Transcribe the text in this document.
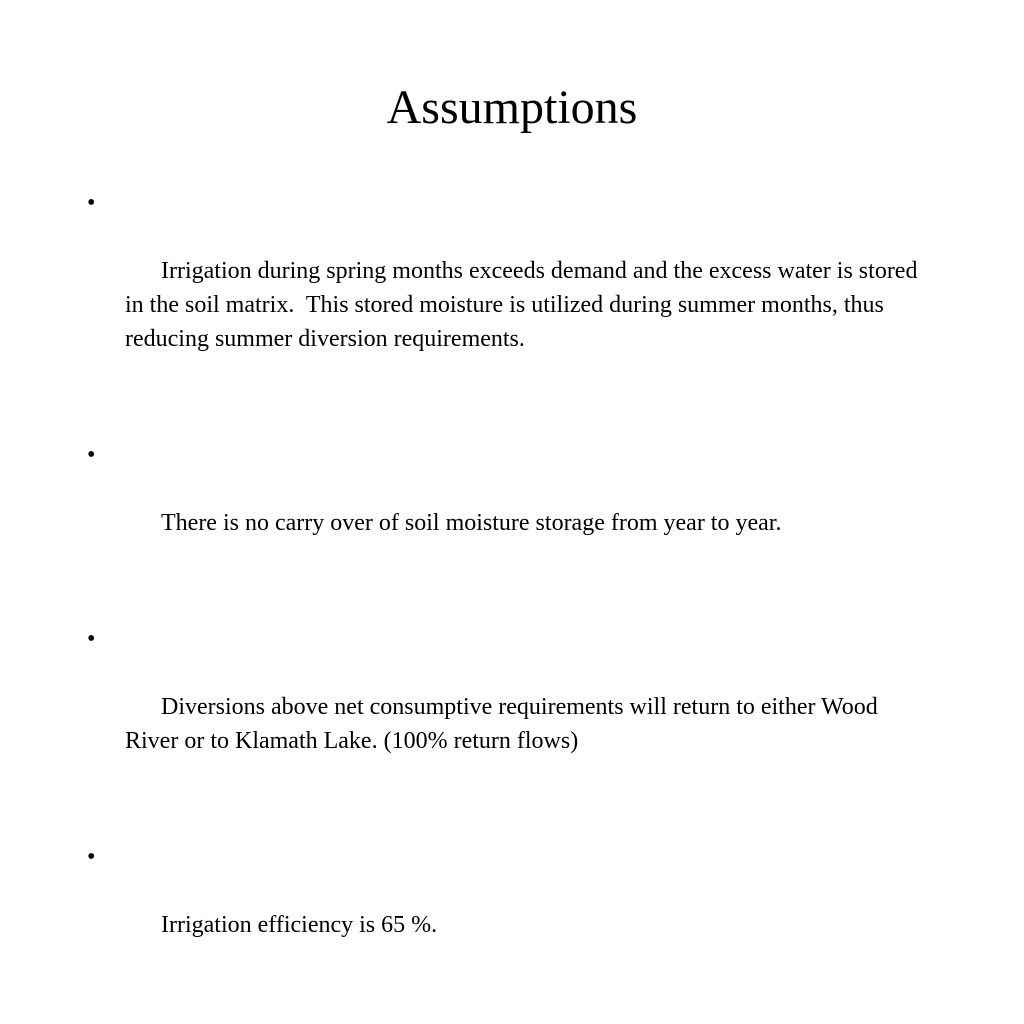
Assumptions

•

Irrigation during spring months exceeds demand and the excess water is stored in the soil matrix.  This stored moisture is utilized during summer months, thus reducing summer diversion requirements.

•

There is no carry over of soil moisture storage from year to year.

•

Diversions above net consumptive requirements will return to either Wood River or to Klamath Lake. (100% return flows)

•

Irrigation efficiency is 65 %.
